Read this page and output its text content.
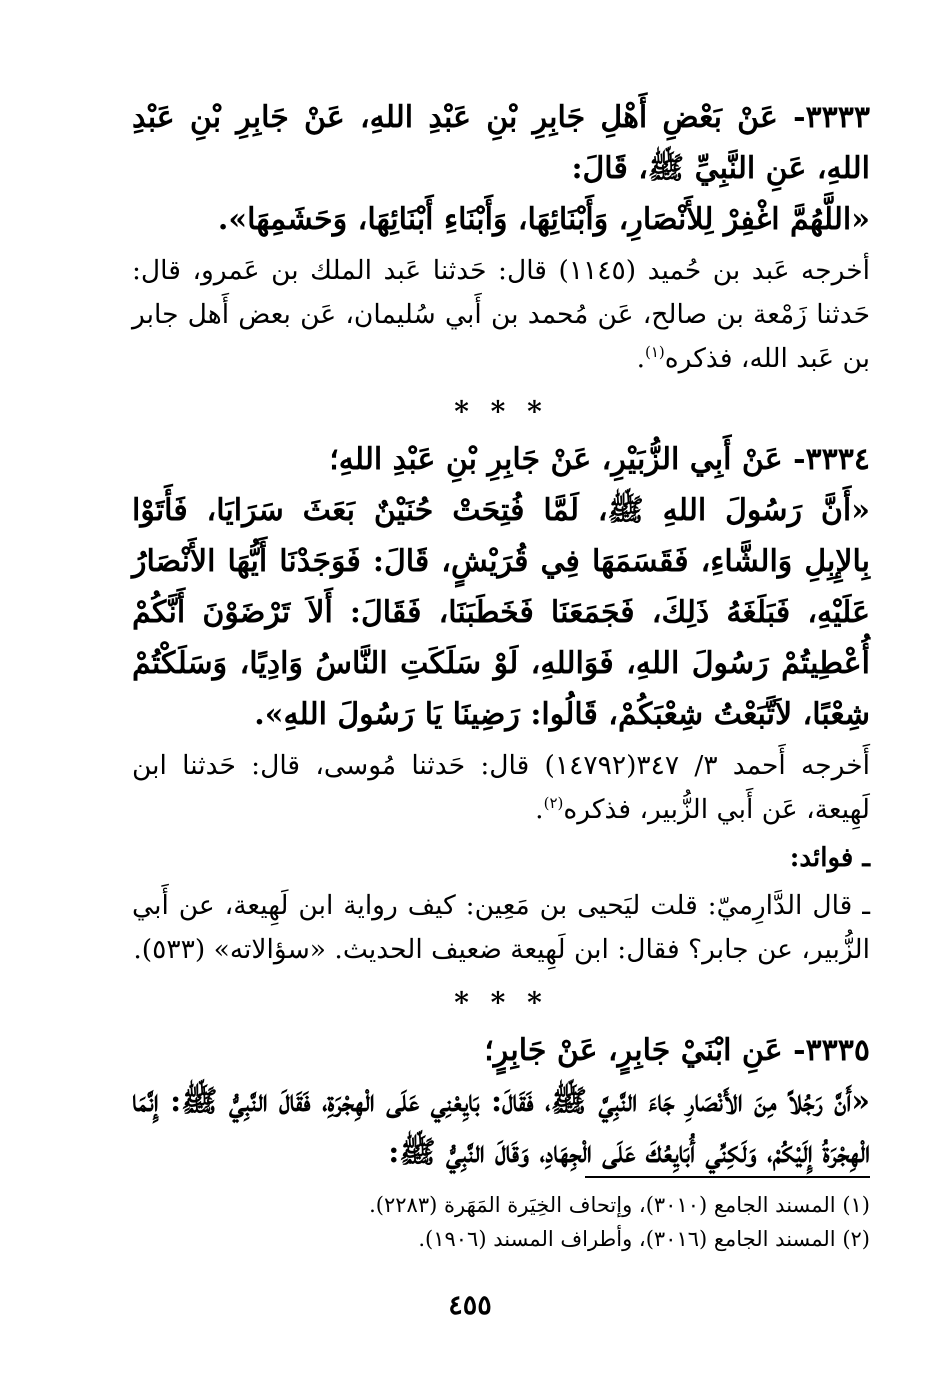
٣٣٣٣- عَنْ بَعْضِ أَهْلِ جَابِرِ بْنِ عَبْدِ اللهِ، عَنْ جَابِرِ بْنِ عَبْدِ اللهِ، عَنِ النَّبِيِّ ﷺ، قَالَ:

«اللَّهُمَّ اغْفِرْ لِلأَنْصَارِ، وَأَبْنَائِهَا، وَأَبْنَاءِ أَبْنَائِهَا، وَحَشَمِهَا».

أخرجه عَبد بن حُميد (١١٤٥) قال: حَدثنا عَبد الملك بن عَمرو، قال: حَدثنا زَمْعة بن صالح، عَن مُحمد بن أَبي سُليمان، عَن بعض أَهل جابر بن عَبد الله، فذكره$^{(١)}$.

* * *

٣٣٣٤- عَنْ أَبِي الزُّبَيْرِ، عَنْ جَابِرِ بْنِ عَبْدِ اللهِ؛

«أَنَّ رَسُولَ اللهِ ﷺ، لَمَّا فُتِحَتْ حُنَيْنٌ بَعَثَ سَرَايَا، فَأَتَوْا بِالإِبِلِ وَالشَّاءِ، فَقَسَمَهَا فِي قُرَيْشٍ، قَالَ: فَوَجَدْنَا أَيُّهَا الأَنْصَارُ عَلَيْهِ، فَبَلَغَهُ ذَلِكَ، فَجَمَعَنَا فَخَطَبَنَا، فَقَالَ: أَلاَ تَرْضَوْنَ أَنَّكُمْ أُعْطِيتُمْ رَسُولَ اللهِ، فَوَاللهِ، لَوْ سَلَكَتِ النَّاسُ وَادِيًا، وَسَلَكْتُمْ شِعْبًا، لاَتَّبَعْتُ شِعْبَكُمْ، قَالُوا: رَضِينَا يَا رَسُولَ اللهِ».

أَخرجه أَحمد ٣/ ٣٤٧(١٤٧٩٢) قال: حَدثنا مُوسى، قال: حَدثنا ابن لَهِيعة، عَن أَبي الزُّبير، فذكره$^{(٢)}$.

ـ فوائد:

ـ قال الدَّارِميّ: قلت ليَحيى بن مَعِين: كيف رواية ابن لَهِيعة، عن أَبي الزُّبير، عن جابر؟ فقال: ابن لَهِيعة ضعيف الحديث. «سؤالاته» (٥٣٣).

* * *

٣٣٣٥- عَنِ ابْنَيْ جَابِرٍ، عَنْ جَابِرٍ؛

«أَنَّ رَجُلاً مِنَ الأَنْصَارِ جَاءَ النَّبِيَّ ﷺ، فَقَالَ: بَايِعْنِي عَلَى الْهِجْرَةِ، فَقَالَ النَّبِيُّ ﷺ: إِنَّمَا الْهِجْرَةُ إِلَيْكُمْ، وَلَكِنِّي أُبَايِعُكَ عَلَى الْجِهَادِ، وَقَالَ النَّبِيُّ ﷺ:

(١) المسند الجامع (٣٠١٠)، وإتحاف الخِيَرة المَهَرة (٢٢٨٣).

(٢) المسند الجامع (٣٠١٦)، وأطراف المسند (١٩٠٦).

٤٥٥
